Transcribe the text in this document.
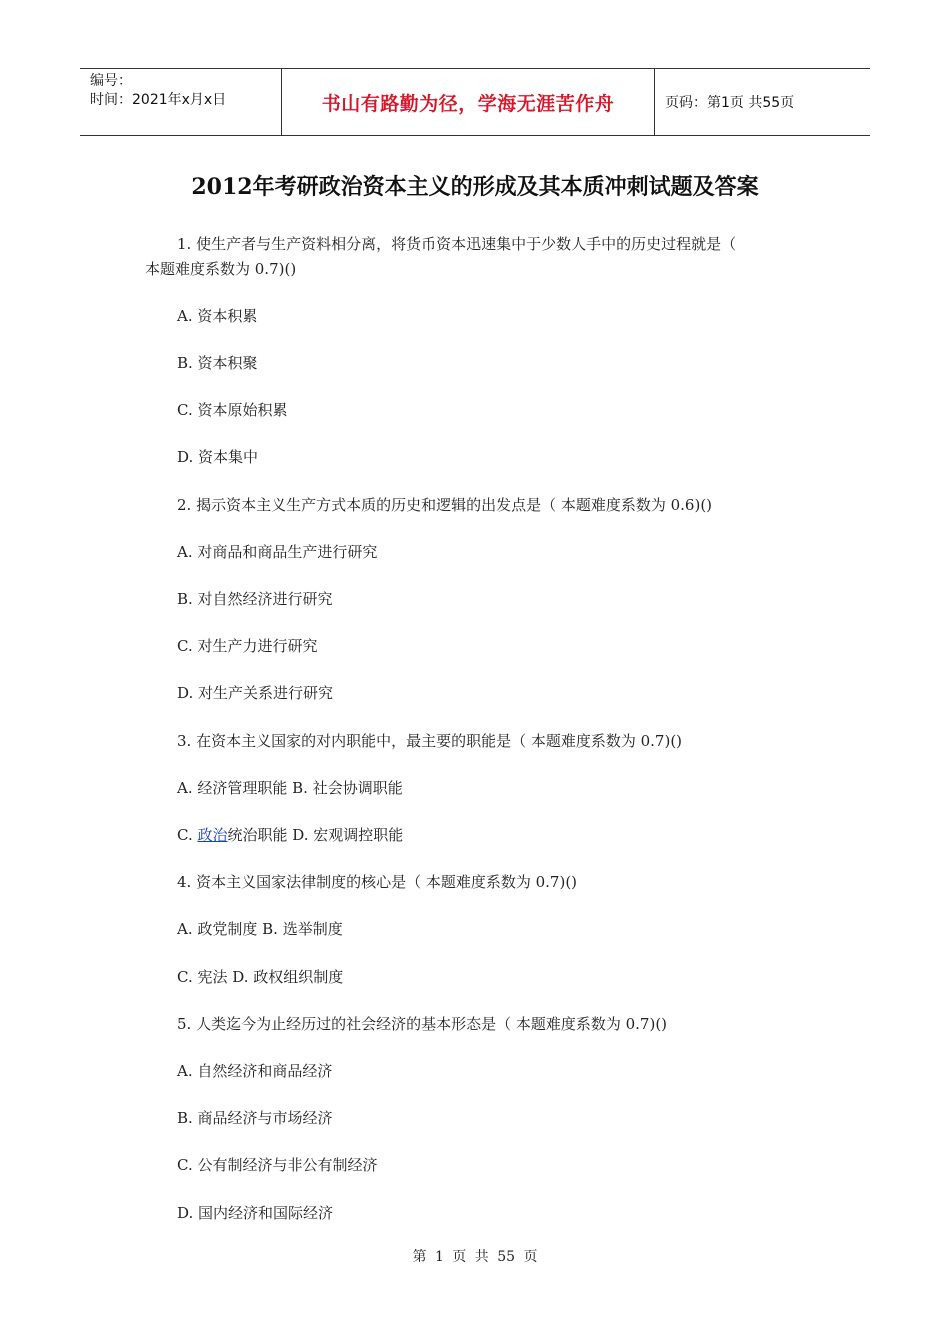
编号：
时间：2021年x月x日	书山有路勤为径，学海无涯苦作舟	页码：第1页 共55页
2012年考研政治资本主义的形成及其本质冲刺试题及答案

1. 使生产者与生产资料相分离，将货币资本迅速集中于少数人手中的历史过程就是（

本题难度系数为 0.7)()

A. 资本积累

B. 资本积聚

C. 资本原始积累

D. 资本集中

2. 揭示资本主义生产方式本质的历史和逻辑的出发点是（ 本题难度系数为 0.6)()

A. 对商品和商品生产进行研究

B. 对自然经济进行研究

C. 对生产力进行研究

D. 对生产关系进行研究

3. 在资本主义国家的对内职能中，最主要的职能是（ 本题难度系数为 0.7)()

A. 经济管理职能 B. 社会协调职能

C. 政治统治职能 D. 宏观调控职能

4. 资本主义国家法律制度的核心是（ 本题难度系数为 0.7)()

A. 政党制度 B. 选举制度

C. 宪法 D. 政权组织制度

5. 人类迄今为止经历过的社会经济的基本形态是（ 本题难度系数为 0.7)()

A. 自然经济和商品经济

B. 商品经济与市场经济

C. 公有制经济与非公有制经济

D. 国内经济和国际经济

第 1 页 共 55 页
